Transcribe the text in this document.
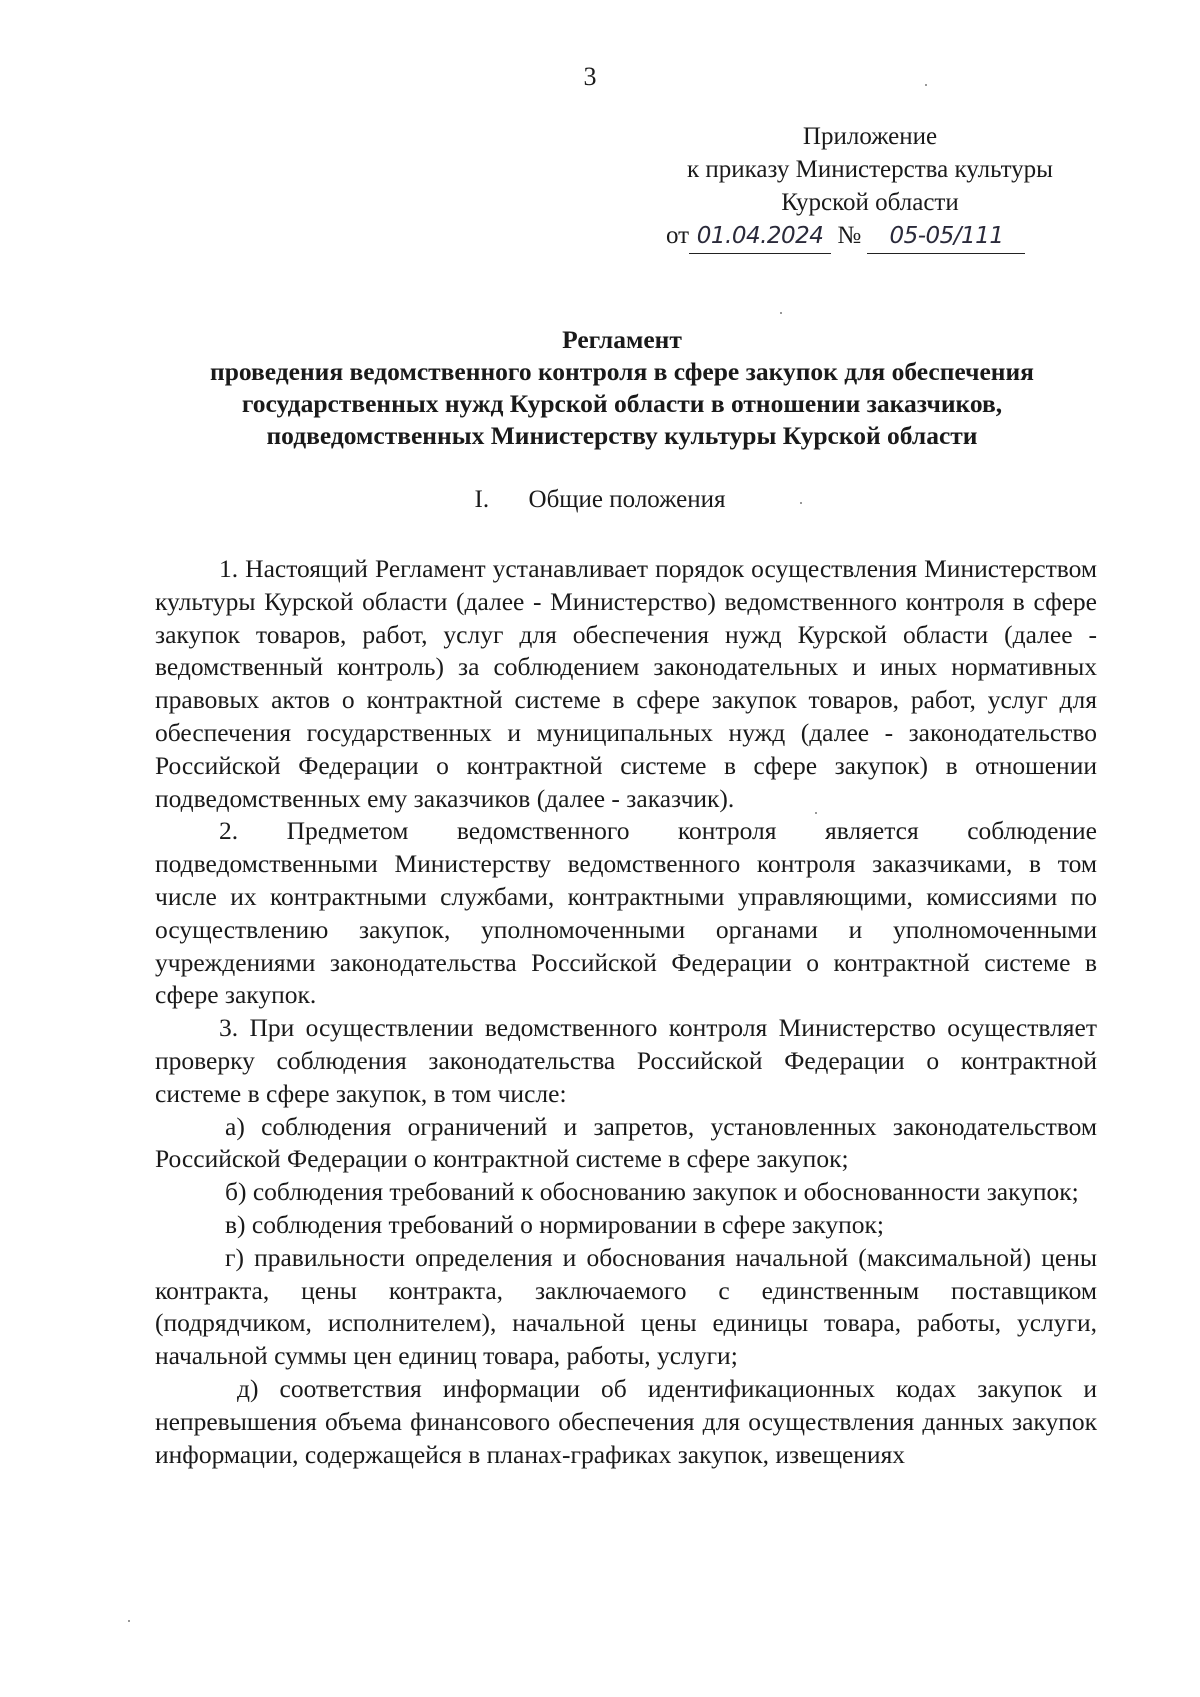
3
Приложение
к приказу Министерства культуры
Курской области
от 01.04.2024 № 05-05/111
Регламент
проведения ведомственного контроля в сфере закупок для обеспечения
государственных нужд Курской области в отношении заказчиков,
подведомственных Министерству культуры Курской области
I. Общие положения

1. Настоящий Регламент устанавливает порядок осуществления Министерством культуры Курской области (далее - Министерство) ведомственного контроля в сфере закупок товаров, работ, услуг для обеспечения нужд Курской области (далее - ведомственный контроль) за соблюдением законодательных и иных нормативных правовых актов о контрактной системе в сфере закупок товаров, работ, услуг для обеспечения государственных и муниципальных нужд (далее - законодательство Российской Федерации о контрактной системе в сфере закупок) в отношении подведомственных ему заказчиков (далее - заказчик).

2. Предметом ведомственного контроля является соблюдение подведомственными Министерству ведомственного контроля заказчиками, в том числе их контрактными службами, контрактными управляющими, комиссиями по осуществлению закупок, уполномоченными органами и уполномоченными учреждениями законодательства Российской Федерации о контрактной системе в сфере закупок.

3. При осуществлении ведомственного контроля Министерство осуществляет проверку соблюдения законодательства Российской Федерации о контрактной системе в сфере закупок, в том числе:

а) соблюдения ограничений и запретов, установленных законодательством Российской Федерации о контрактной системе в сфере закупок;

б) соблюдения требований к обоснованию закупок и обоснованности закупок;

в) соблюдения требований о нормировании в сфере закупок;

г) правильности определения и обоснования начальной (максимальной) цены контракта, цены контракта, заключаемого с единственным поставщиком (подрядчиком, исполнителем), начальной цены единицы товара, работы, услуги, начальной суммы цен единиц товара, работы, услуги;

д) соответствия информации об идентификационных кодах закупок и непревышения объема финансового обеспечения для осуществления данных закупок информации, содержащейся в планах-графиках закупок, извещениях
